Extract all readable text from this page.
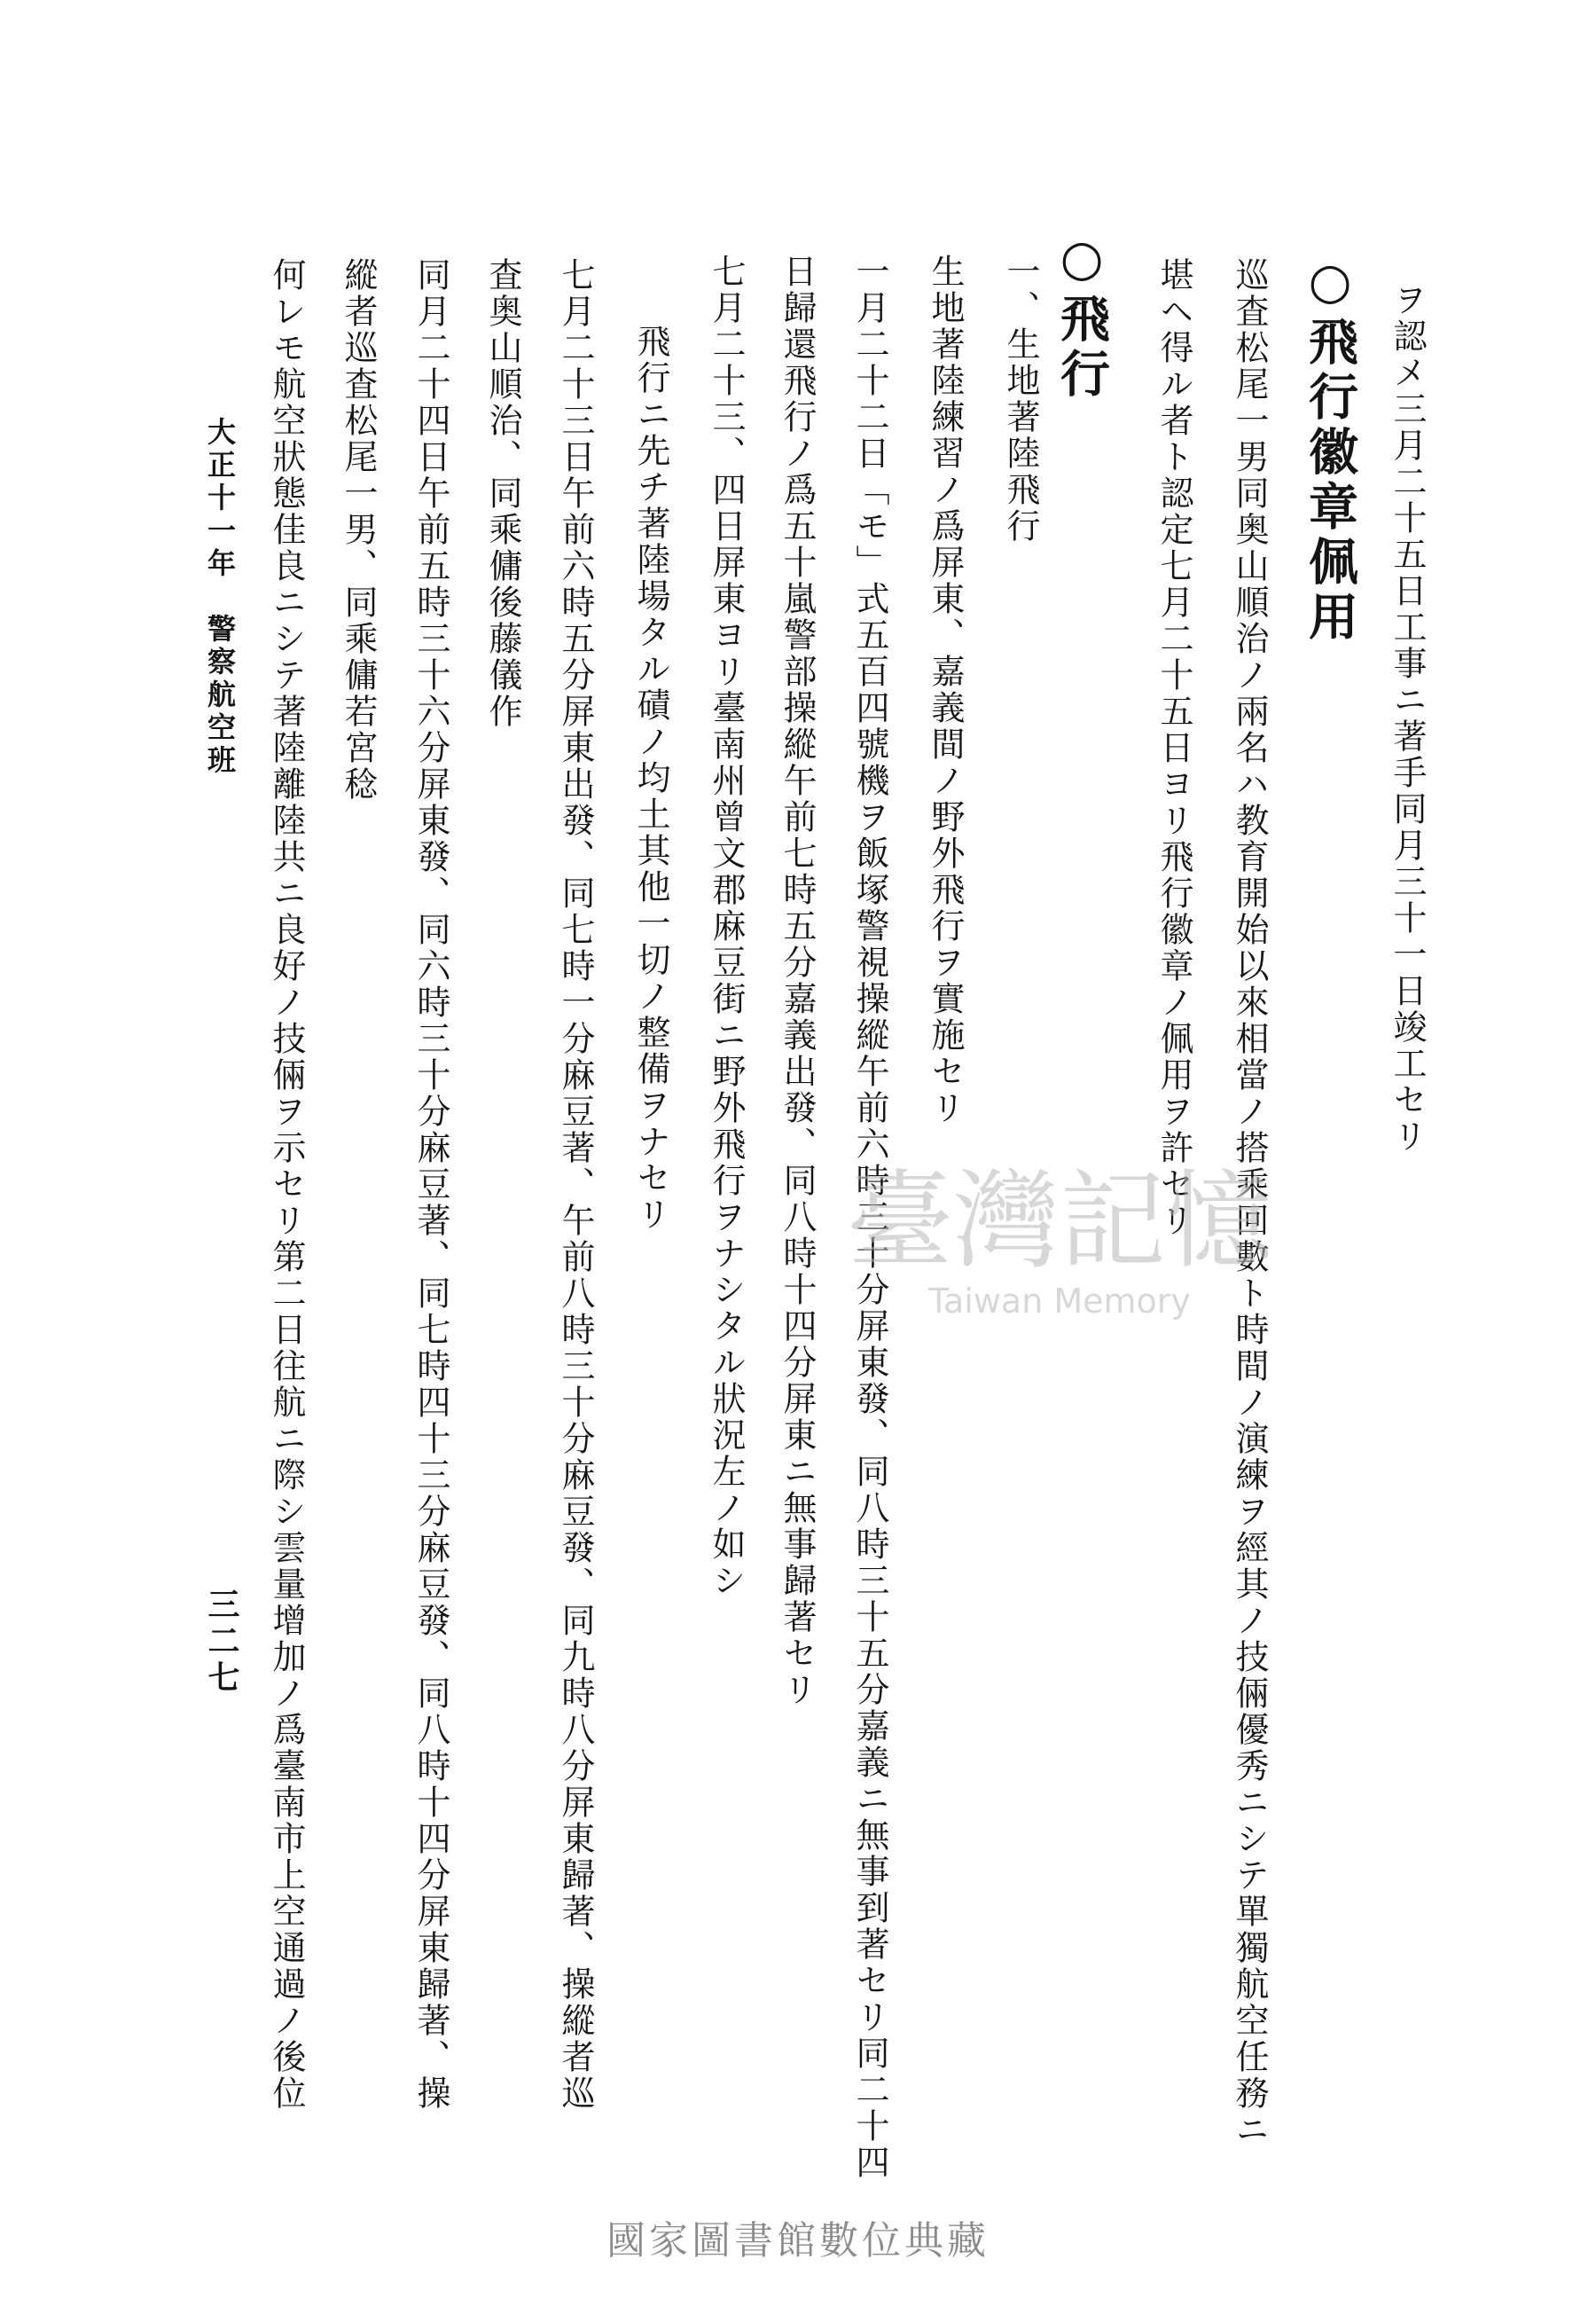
ヲ認メ三月二十五日工事ニ著手同月三十一日竣工セリ
○飛行徽章佩用
巡査松尾一男同奥山順治ノ兩名ハ教育開始以來相當ノ搭乘回數ト時間ノ演練ヲ經其ノ技倆優秀ニシテ單獨航空任務ニ
堪ヘ得ル者ト認定七月二十五日ヨリ飛行徽章ノ佩用ヲ許セリ
○飛行
一、生地著陸飛行
生地著陸練習ノ爲屏東、嘉義間ノ野外飛行ヲ實施セリ
一月二十二日「モ」式五百四號機ヲ飯塚警視操縱午前六時三十分屏東發、同八時三十五分嘉義ニ無事到著セリ同二十四
日歸還飛行ノ爲五十嵐警部操縱午前七時五分嘉義出發、同八時十四分屏東ニ無事歸著セリ
七月二十三、四日屏東ヨリ臺南州曾文郡麻豆街ニ野外飛行ヲナシタル狀況左ノ如シ
飛行ニ先チ著陸場タル磧ノ均土其他一切ノ整備ヲナセリ
七月二十三日午前六時五分屏東出發、同七時一分麻豆著、午前八時三十分麻豆發、同九時八分屏東歸著、操縱者巡
査奥山順治、同乘傭後藤儀作
同月二十四日午前五時三十六分屏東發、同六時三十分麻豆著、同七時四十三分麻豆發、同八時十四分屏東歸著、操
縱者巡査松尾一男、同乘傭若宮稔
何レモ航空狀態佳良ニシテ著陸離陸共ニ良好ノ技倆ヲ示セリ第二日往航ニ際シ雲量增加ノ爲臺南市上空通過ノ後位
大正十一年　警察航空班
三二七
臺灣記憶
Taiwan Memory
國家圖書館數位典藏
